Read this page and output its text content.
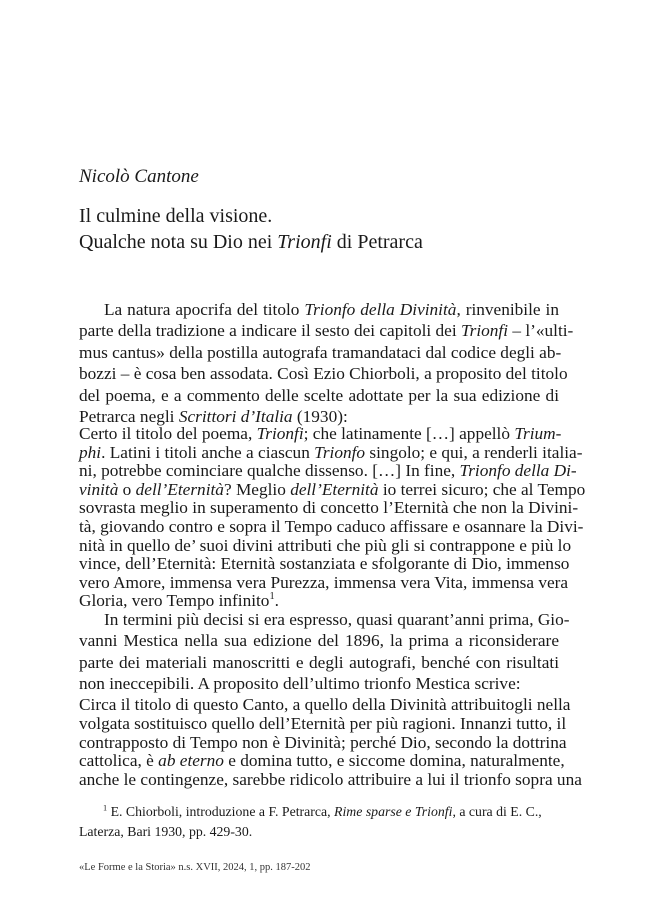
Nicolò Cantone
Il culmine della visione.
Qualche nota su Dio nei Trionfi di Petrarca
La natura apocrifa del titolo Trionfo della Divinità, rinvenibile in
parte della tradizione a indicare il sesto dei capitoli dei Trionfi – l’«ulti-
mus cantus» della postilla autografa tramandataci dal codice degli ab-
bozzi – è cosa ben assodata. Così Ezio Chiorboli, a proposito del titolo
del poema, e a commento delle scelte adottate per la sua edizione di
Petrarca negli Scrittori d’Italia (1930):
Certo il titolo del poema, Trionfi; che latinamente […] appellò Trium-
phi. Latini i titoli anche a ciascun Trionfo singolo; e qui, a renderli italia-
ni, potrebbe cominciare qualche dissenso. […] In fine, Trionfo della Di-
vinità o dell’Eternità? Meglio dell’Eternità io terrei sicuro; che al Tempo
sovrasta meglio in superamento di concetto l’Eternità che non la Divini-
tà, giovando contro e sopra il Tempo caduco affissare e osannare la Divi-
nità in quello de’ suoi divini attributi che più gli si contrappone e più lo
vince, dell’Eternità: Eternità sostanziata e sfolgorante di Dio, immenso
vero Amore, immensa vera Purezza, immensa vera Vita, immensa vera
Gloria, vero Tempo infinito$^1$.
In termini più decisi si era espresso, quasi quarant’anni prima, Gio-
vanni Mestica nella sua edizione del 1896, la prima a riconsiderare
parte dei materiali manoscritti e degli autografi, benché con risultati
non ineccepibili. A proposito dell’ultimo trionfo Mestica scrive:
Circa il titolo di questo Canto, a quello della Divinità attribuitogli nella
volgata sostituisco quello dell’Eternità per più ragioni. Innanzi tutto, il
contrapposto di Tempo non è Divinità; perché Dio, secondo la dottrina
cattolica, è ab eterno e domina tutto, e siccome domina, naturalmente,
anche le contingenze, sarebbe ridicolo attribuire a lui il trionfo sopra una
$^1$ E. Chiorboli, introduzione a F. Petrarca, Rime sparse e Trionfi, a cura di E. C.,
Laterza, Bari 1930, pp. 429-30.
«Le Forme e la Storia» n.s. XVII, 2024, 1, pp. 187-202
